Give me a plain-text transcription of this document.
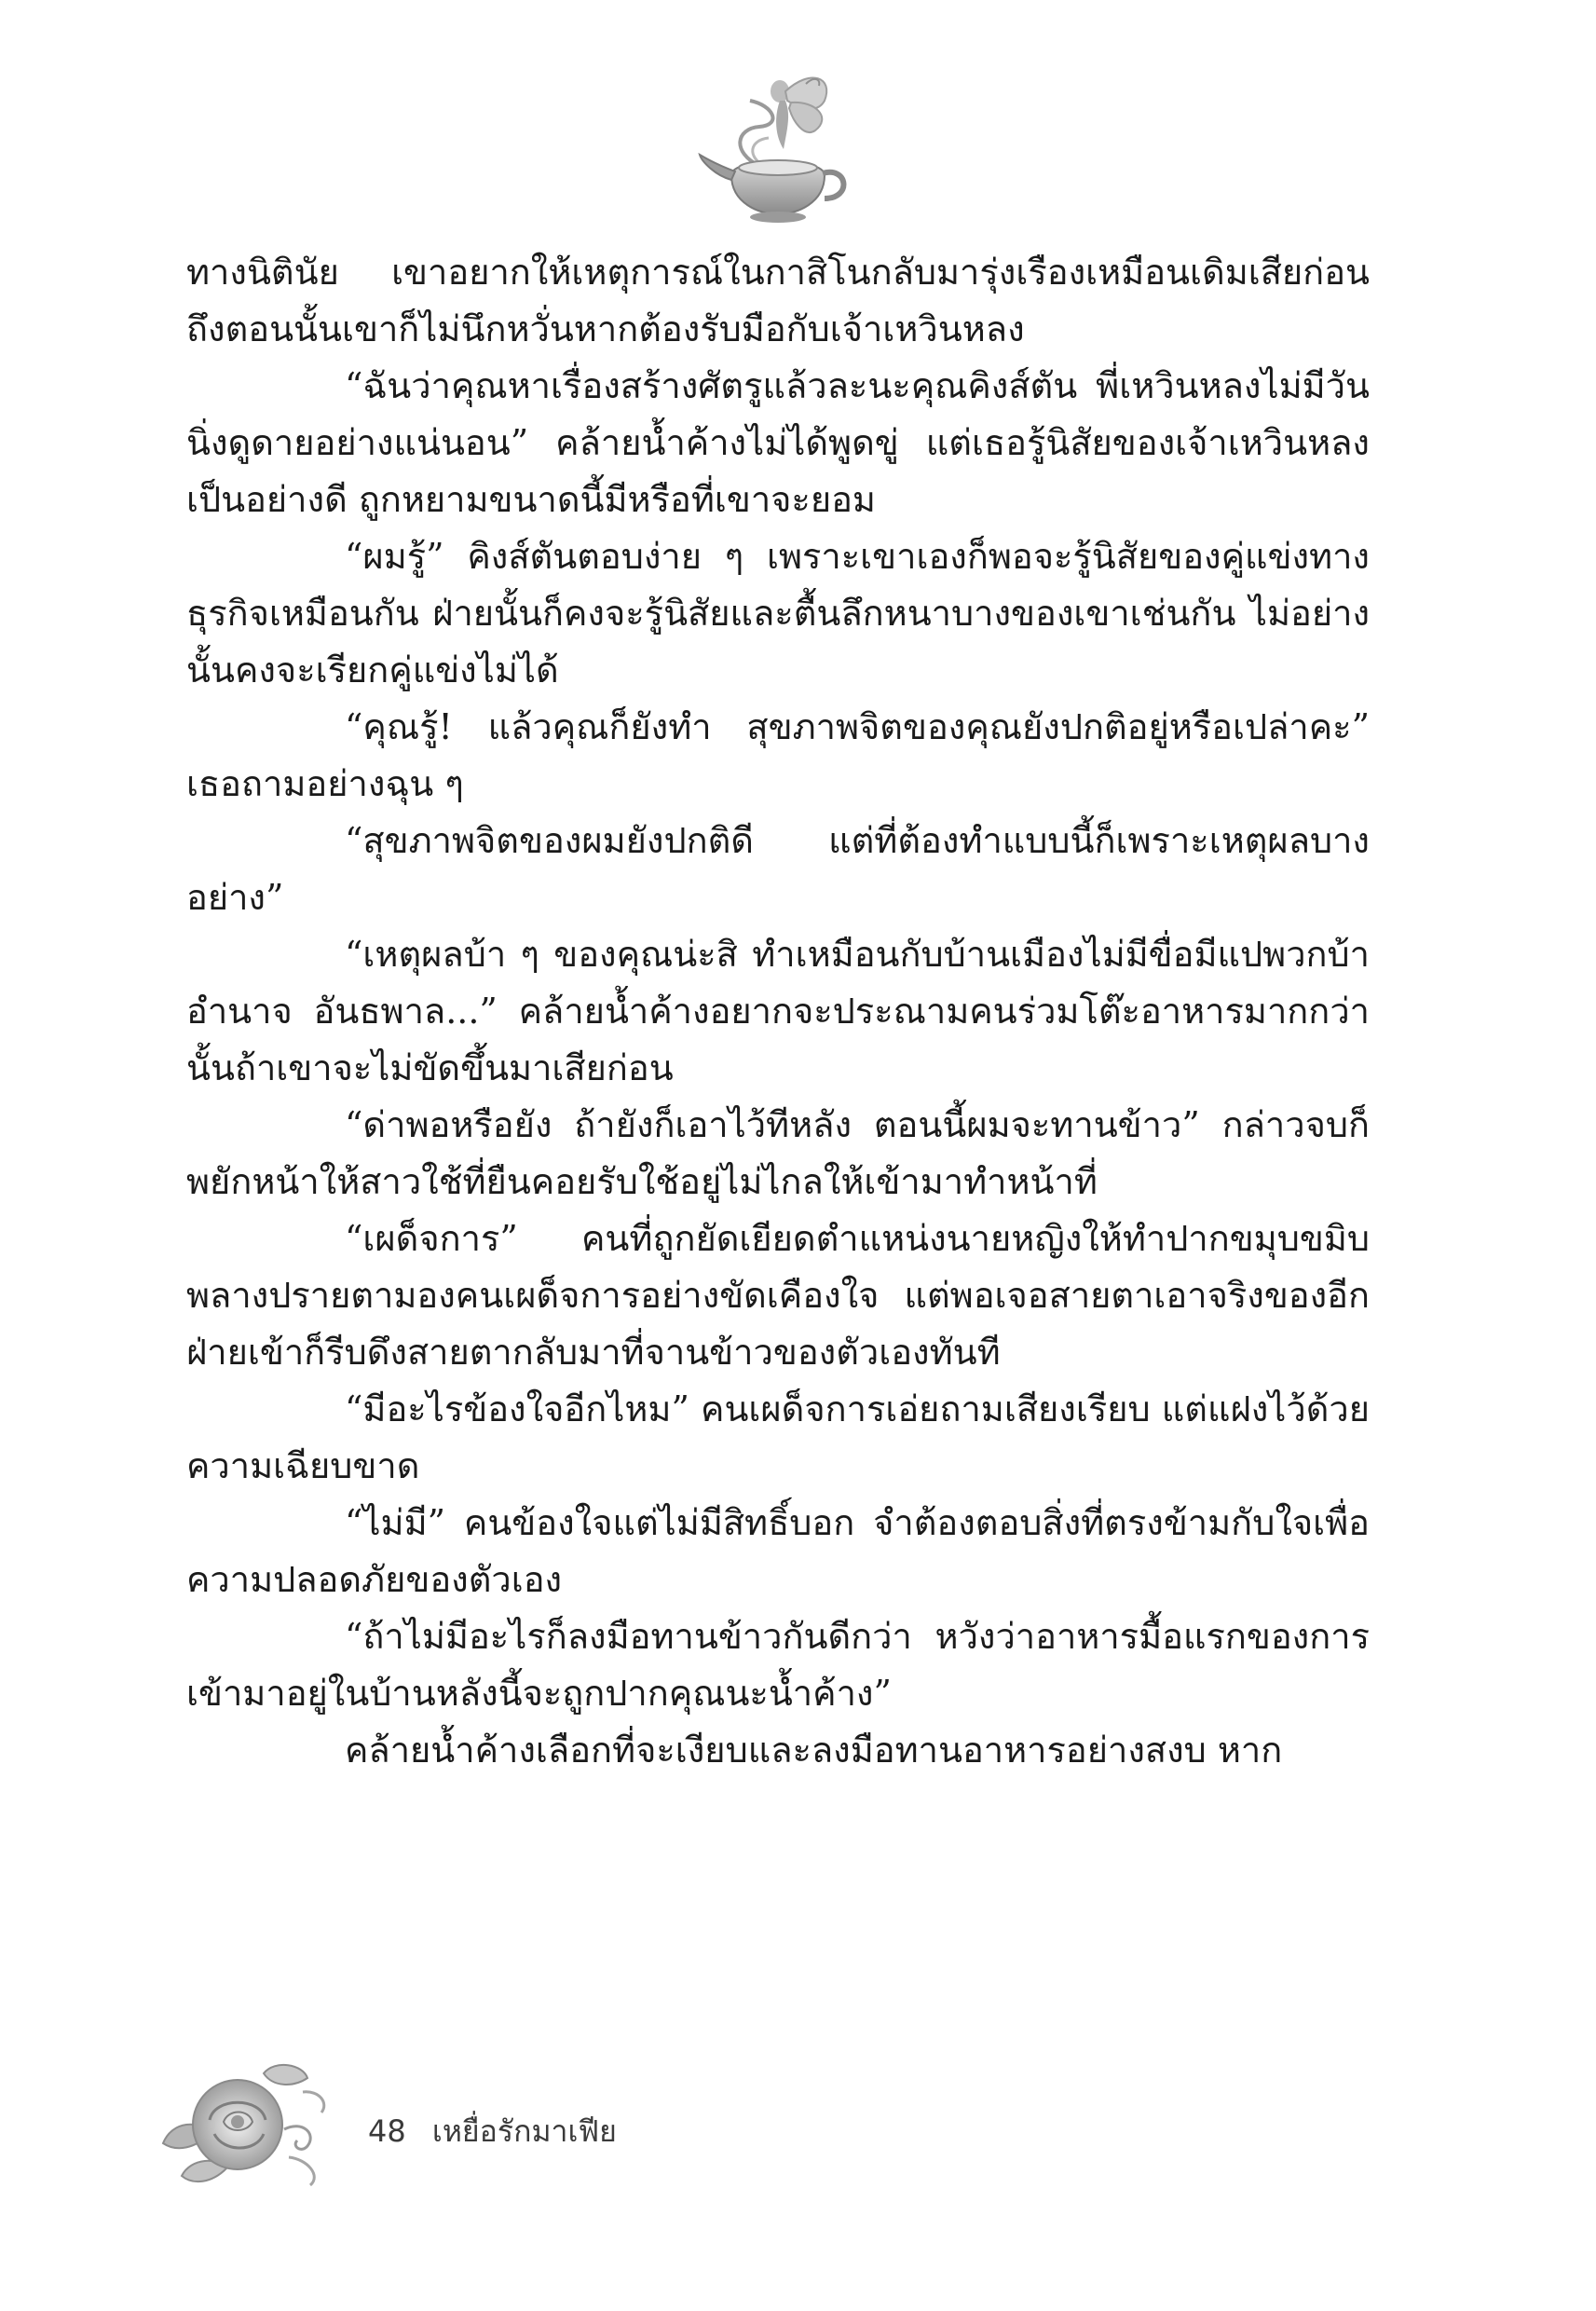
ทางนิตินัย เขาอยากให้เหตุการณ์ในกาสิโนกลับมารุ่งเรืองเหมือนเดิมเสียก่อน ถึงตอนนั้นเขาก็ไม่นึกหวั่นหากต้องรับมือกับเจ้าเหวินหลง

“ฉันว่าคุณหาเรื่องสร้างศัตรูแล้วละนะคุณคิงส์ตัน พี่เหวินหลงไม่มีวันนิ่งดูดายอย่างแน่นอน” คล้ายน้ำค้างไม่ได้พูดขู่ แต่เธอรู้นิสัยของเจ้าเหวินหลงเป็นอย่างดี ถูกหยามขนาดนี้มีหรือที่เขาจะยอม

“ผมรู้” คิงส์ตันตอบง่าย ๆ เพราะเขาเองก็พอจะรู้นิสัยของคู่แข่งทางธุรกิจเหมือนกัน ฝ่ายนั้นก็คงจะรู้นิสัยและตื้นลึกหนาบางของเขาเช่นกัน ไม่อย่างนั้นคงจะเรียกคู่แข่งไม่ได้

“คุณรู้! แล้วคุณก็ยังทำ สุขภาพจิตของคุณยังปกติอยู่หรือเปล่าคะ” เธอถามอย่างฉุน ๆ

“สุขภาพจิตของผมยังปกติดี แต่ที่ต้องทำแบบนี้ก็เพราะเหตุผลบางอย่าง”

“เหตุผลบ้า ๆ ของคุณน่ะสิ ทำเหมือนกับบ้านเมืองไม่มีขื่อมีแปพวกบ้าอำนาจ อันธพาล...” คล้ายน้ำค้างอยากจะประณามคนร่วมโต๊ะอาหารมากกว่านั้นถ้าเขาจะไม่ขัดขึ้นมาเสียก่อน

“ด่าพอหรือยัง ถ้ายังก็เอาไว้ทีหลัง ตอนนี้ผมจะทานข้าว” กล่าวจบก็พยักหน้าให้สาวใช้ที่ยืนคอยรับใช้อยู่ไม่ไกลให้เข้ามาทำหน้าที่

“เผด็จการ” คนที่ถูกยัดเยียดตำแหน่งนายหญิงให้ทำปากขมุบขมิบ พลางปรายตามองคนเผด็จการอย่างขัดเคืองใจ แต่พอเจอสายตาเอาจริงของอีกฝ่ายเข้าก็รีบดึงสายตากลับมาที่จานข้าวของตัวเองทันที

“มีอะไรข้องใจอีกไหม” คนเผด็จการเอ่ยถามเสียงเรียบ แต่แฝงไว้ด้วยความเฉียบขาด

“ไม่มี” คนข้องใจแต่ไม่มีสิทธิ์บอก จำต้องตอบสิ่งที่ตรงข้ามกับใจเพื่อความปลอดภัยของตัวเอง

“ถ้าไม่มีอะไรก็ลงมือทานข้าวกันดีกว่า หวังว่าอาหารมื้อแรกของการเข้ามาอยู่ในบ้านหลังนี้จะถูกปากคุณนะน้ำค้าง”

คล้ายน้ำค้างเลือกที่จะเงียบและลงมือทานอาหารอย่างสงบ หาก

48 เหยื่อรักมาเฟีย
